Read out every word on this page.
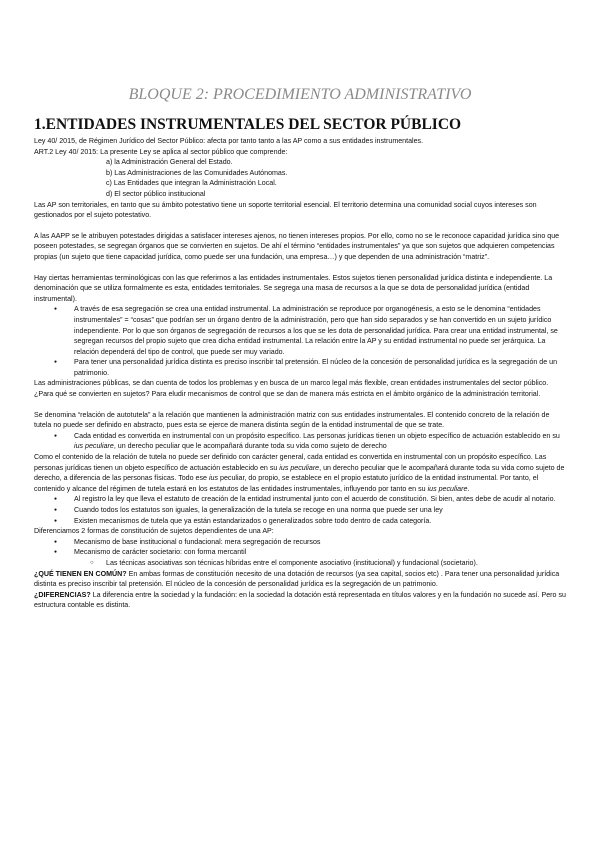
BLOQUE 2: PROCEDIMIENTO ADMINISTRATIVO
1.ENTIDADES INSTRUMENTALES DEL SECTOR PÚBLICO

Ley 40/ 2015, de Régimen Jurídico del Sector Público: afecta por tanto tanto a las AP como a sus entidades instrumentales.

ART.2 Ley 40/ 2015: La presente Ley se aplica al sector público que comprende:

a) la Administración General del Estado.
b) Las Administraciones de las Comunidades Autónomas.
c) Las Entidades que integran la Administración Local.
d) El sector público institucional

Las AP son territoriales, en tanto que su ámbito potestativo tiene un soporte territorial esencial. El territorio determina una comunidad social cuyos intereses son gestionados por el sujeto potestativo.

A las AAPP se le atribuyen potestades dirigidas a satisfacer intereses ajenos, no tienen intereses propios. Por ello, como no se le reconoce capacidad jurídica sino que poseen potestades, se segregan órganos que se convierten en sujetos. De ahí el término “entidades instrumentales” ya que son sujetos que adquieren competencias propias (un sujeto que tiene capacidad jurídica, como puede ser una fundación, una empresa…) y que dependen de una administración “matriz”.

Hay ciertas herramientas terminológicas con las que referirnos a las entidades instrumentales. Estos sujetos tienen personalidad jurídica distinta e independiente. La denominación que se utiliza formalmente es esta, entidades territoriales. Se segrega una masa de recursos a la que se dota de personalidad jurídica (entidad instrumental).

● A través de esa segregación se crea una entidad instrumental. La administración se reproduce por organogénesis, a esto se le denomina “entidades instrumentales” = “cosas” que podrían ser un órgano dentro de la administración, pero que han sido separados y se han convertido en un sujeto jurídico independiente. Por lo que son órganos de segregación de recursos a los que se les dota de personalidad jurídica. Para crear una entidad instrumental, se segregan recursos del propio sujeto que crea dicha entidad instrumental. La relación entre la AP y su entidad instrumental no puede ser jerárquica. La relación dependerá del tipo de control, que puede ser muy variado.
● Para tener una personalidad jurídica distinta es preciso inscribir tal pretensión. El núcleo de la concesión de personalidad jurídica es la segregación de un patrimonio.

Las administraciones públicas, se dan cuenta de todos los problemas y en busca de un marco legal más flexible, crean entidades instrumentales del sector público. ¿Para qué se convierten en sujetos? Para eludir mecanismos de control que se dan de manera más estricta en el ámbito orgánico de la administración territorial.

Se denomina “relación de autotutela” a la relación que mantienen la administración matriz con sus entidades instrumentales. El contenido concreto de la relación de tutela no puede ser definido en abstracto, pues esta se ejerce de manera distinta según de la entidad instrumental de que se trate.

● Cada entidad es convertida en instrumental con un propósito específico. Las personas jurídicas tienen un objeto específico de actuación establecido en su ius peculiare, un derecho peculiar que le acompañará durante toda su vida como sujeto de derecho

Como el contenido de la relación de tutela no puede ser definido con carácter general, cada entidad es convertida en instrumental con un propósito específico. Las personas jurídicas tienen un objeto específico de actuación establecido en su ius peculiare, un derecho peculiar que le acompañará durante toda su vida como sujeto de derecho, a diferencia de las personas físicas. Todo ese ius peculiar, do propio, se establece en el propio estatuto jurídico de la entidad instrumental. Por tanto, el contenido y alcance del régimen de tutela estará en los estatutos de las entidades instrumentales, influyendo por tanto en su ius peculiare.

● Al registro la ley que lleva el estatuto de creación de la entidad instrumental junto con el acuerdo de constitución. Si bien, antes debe de acudir al notario.
● Cuando todos los estatutos son iguales, la generalización de la tutela se recoge en una norma que puede ser una ley
● Existen mecanismos de tutela que ya están estandarizados o generalizados sobre todo dentro de cada categoría.

Diferenciamos 2 formas de constitución de sujetos dependientes de una AP:

● Mecanismo de base institucional o fundacional: mera segregación de recursos
● Mecanismo de carácter societario: con forma mercantil
○ Las técnicas asociativas son técnicas híbridas entre el componente asociativo (institucional) y fundacional (societario).

¿QUÉ TIENEN EN COMÚN? En ambas formas de constitución necesito de una dotación de recursos (ya sea capital, socios etc) . Para tener una personalidad jurídica distinta es preciso inscribir tal pretensión. El núcleo de la concesión de personalidad jurídica es la segregación de un patrimonio.

¿DIFERENCIAS? La diferencia entre la sociedad y la fundación: en la sociedad la dotación está representada en títulos valores y en la fundación no sucede así. Pero su estructura contable es distinta.
